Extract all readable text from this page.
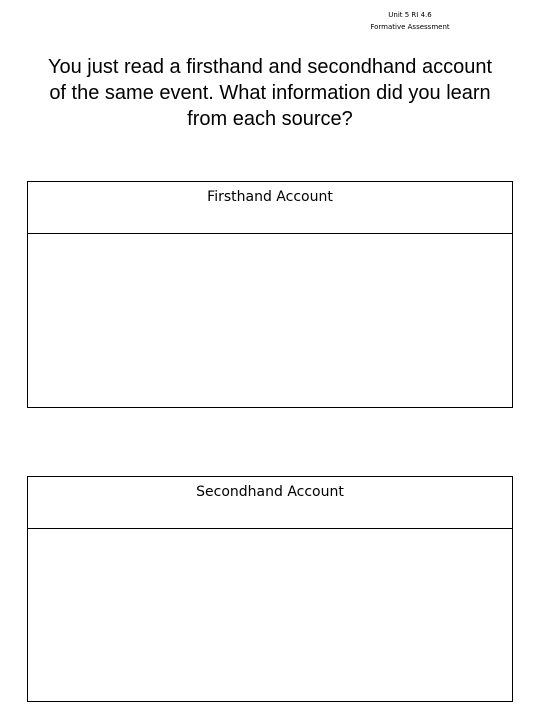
Unit 5 RI 4.6
Formative Assessment
You just read a firsthand and secondhand account
of the same event. What information did you learn
from each source?
Firsthand Account
Secondhand Account
